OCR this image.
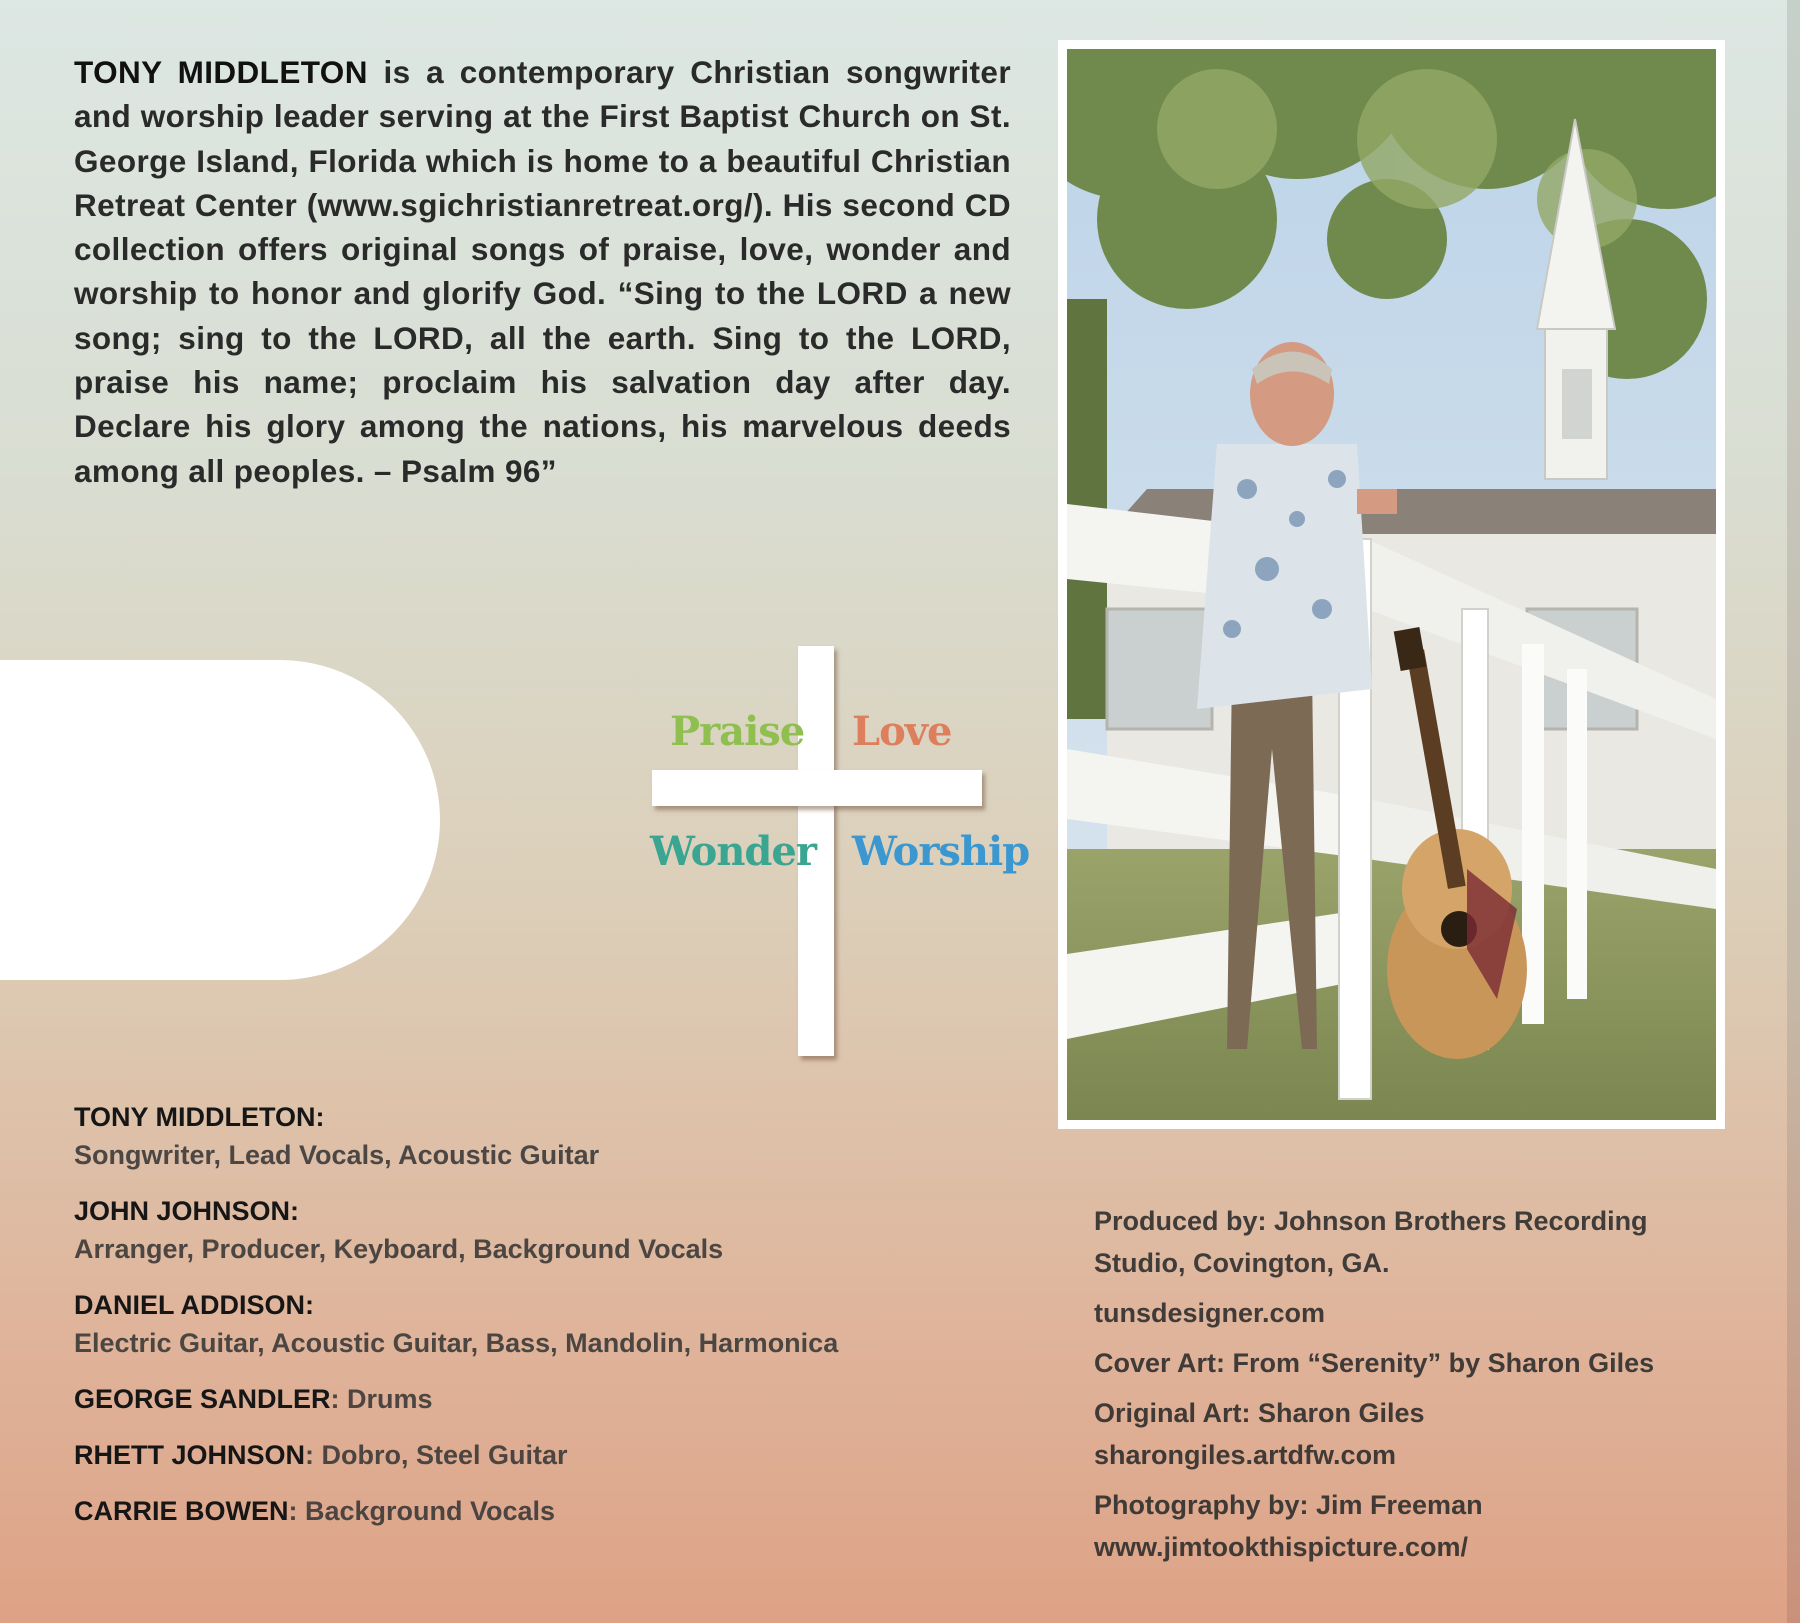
TONY MIDDLETON is a contemporary Christian songwriter and worship leader serving at the First Baptist Church on St. George Island, Florida which is home to a beautiful Christian Retreat Center (www.sgichristianretreat.org/). His second CD collection offers original songs of praise, love, wonder and worship to honor and glorify God. “Sing to the LORD a new song; sing to the LORD, all the earth. Sing to the LORD, praise his name; proclaim his salvation day after day. Declare his glory among the nations, his marvelous deeds among all peoples. – Psalm 96”
Praise Love
Wonder Worship
TONY MIDDLETON:
Songwriter, Lead Vocals, Acoustic Guitar
JOHN JOHNSON:
Arranger, Producer, Keyboard, Background Vocals
DANIEL ADDISON:
Electric Guitar, Acoustic Guitar, Bass, Mandolin, Harmonica
GEORGE SANDLER: Drums
RHETT JOHNSON: Dobro, Steel Guitar
CARRIE BOWEN: Background Vocals
Produced by: Johnson Brothers Recording
Studio, Covington, GA.
tunsdesigner.com
Cover Art: From “Serenity” by Sharon Giles
Original Art: Sharon Giles
sharongiles.artdfw.com
Photography by: Jim Freeman
www.jimtookthispicture.com/
